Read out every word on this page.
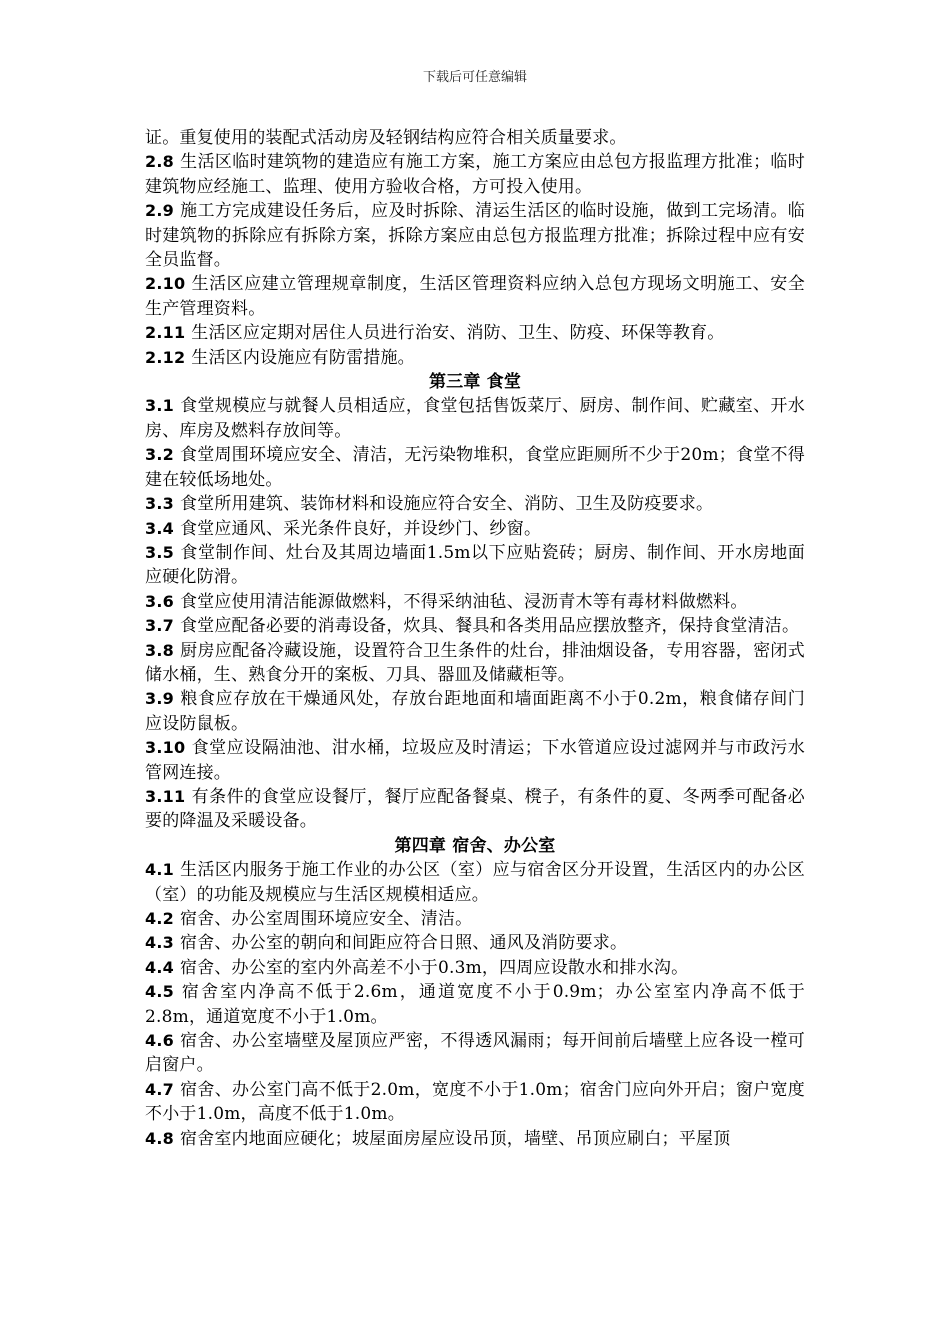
下载后可任意编辑
证。重复使用的装配式活动房及轻钢结构应符合相关质量要求。
2.8 生活区临时建筑物的建造应有施工方案，施工方案应由总包方报监理方批准；临时建筑物应经施工、监理、使用方验收合格，方可投入使用。
2.9 施工方完成建设任务后，应及时拆除、清运生活区的临时设施，做到工完场清。临时建筑物的拆除应有拆除方案，拆除方案应由总包方报监理方批准；拆除过程中应有安全员监督。
2.10 生活区应建立管理规章制度，生活区管理资料应纳入总包方现场文明施工、安全生产管理资料。
2.11 生活区应定期对居住人员进行治安、消防、卫生、防疫、环保等教育。
2.12 生活区内设施应有防雷措施。
第三章 食堂
3.1 食堂规模应与就餐人员相适应，食堂包括售饭菜厅、厨房、制作间、贮藏室、开水房、库房及燃料存放间等。
3.2 食堂周围环境应安全、清洁，无污染物堆积，食堂应距厕所不少于20m；食堂不得建在较低场地处。
3.3 食堂所用建筑、装饰材料和设施应符合安全、消防、卫生及防疫要求。
3.4 食堂应通风、采光条件良好，并设纱门、纱窗。
3.5 食堂制作间、灶台及其周边墙面1.5m以下应贴瓷砖；厨房、制作间、开水房地面应硬化防滑。
3.6 食堂应使用清洁能源做燃料，不得采纳油毡、浸沥青木等有毒材料做燃料。
3.7 食堂应配备必要的消毒设备，炊具、餐具和各类用品应摆放整齐，保持食堂清洁。
3.8 厨房应配备冷藏设施，设置符合卫生条件的灶台，排油烟设备，专用容器，密闭式储水桶，生、熟食分开的案板、刀具、器皿及储藏柜等。
3.9 粮食应存放在干燥通风处，存放台距地面和墙面距离不小于0.2m，粮食储存间门应设防鼠板。
3.10 食堂应设隔油池、泔水桶，垃圾应及时清运；下水管道应设过滤网并与市政污水管网连接。
3.11 有条件的食堂应设餐厅，餐厅应配备餐桌、櫈子，有条件的夏、冬两季可配备必要的降温及采暖设备。
第四章 宿舍、办公室
4.1 生活区内服务于施工作业的办公区（室）应与宿舍区分开设置，生活区内的办公区（室）的功能及规模应与生活区规模相适应。
4.2 宿舍、办公室周围环境应安全、清洁。
4.3 宿舍、办公室的朝向和间距应符合日照、通风及消防要求。
4.4 宿舍、办公室的室内外高差不小于0.3m，四周应设散水和排水沟。
4.5 宿舍室内净高不低于2.6m，通道宽度不小于0.9m；办公室室内净高不低于2.8m，通道宽度不小于1.0m。
4.6 宿舍、办公室墙壁及屋顶应严密，不得透风漏雨；每开间前后墙壁上应各设一樘可启窗户。
4.7 宿舍、办公室门高不低于2.0m，宽度不小于1.0m；宿舍门应向外开启；窗户宽度不小于1.0m，高度不低于1.0m。
4.8 宿舍室内地面应硬化；坡屋面房屋应设吊顶，墙壁、吊顶应刷白；平屋顶
